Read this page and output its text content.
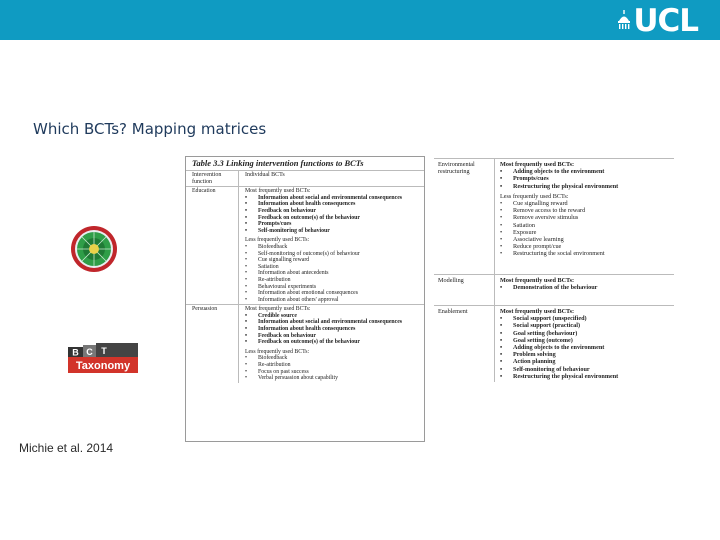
UCL
Which BCTs? Mapping matrices
B C T
Taxonomy
Michie et al. 2014
Table 3.3 Linking intervention functions to BCTs
Intervention function
Individual BCTs
Education	Most frequently used BCTs:
•	Information about social and environmental consequences
•	Information about health consequences
•	Feedback on behaviour
•	Feedback on outcome(s) of the behaviour
•	Prompts/cues
•	Self-monitoring of behaviour
Less frequently used BCTs:
•	Biofeedback
•	Self-monitoring of outcome(s) of behaviour
•	Cue signalling reward
•	Satiation
•	Information about antecedents
•	Re-attribution
•	Behavioural experiments
•	Information about emotional consequences
•	Information about others' approval
Persuasion	Most frequently used BCTs:
•	Credible source
•	Information about social and environmental consequences
•	Information about health consequences
•	Feedback on behaviour
•	Feedback on outcome(s) of the behaviour
Less frequently used BCTs:
•	Biofeedback
•	Re-attribution
•	Focus on past success
•	Verbal persuasion about capability
Environmental restructuring
Most frequently used BCTs:
•	Adding objects to the environment
•	Prompts/cues
•	Restructuring the physical environment
Less frequently used BCTs:
•	Cue signalling reward
•	Remove access to the reward
•	Remove aversive stimulus
•	Satiation
•	Exposure
•	Associative learning
•	Reduce prompt/cue
•	Restructuring the social environment
Modelling	Most frequently used BCTs:
•	Demonstration of the behaviour
Enablement	Most frequently used BCTs:
•	Social support (unspecified)
•	Social support (practical)
•	Goal setting (behaviour)
•	Goal setting (outcome)
•	Adding objects to the environment
•	Problem solving
•	Action planning
•	Self-monitoring of behaviour
•	Restructuring the physical environment
